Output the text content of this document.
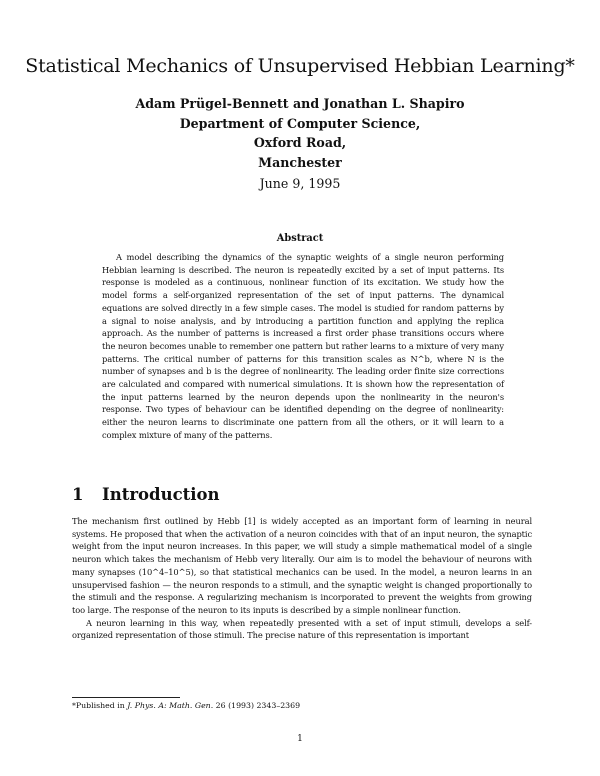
Statistical Mechanics of Unsupervised Hebbian Learning*
Adam Prügel-Bennett and Jonathan L. Shapiro
Department of Computer Science,
Oxford Road,
Manchester
June 9, 1995
Abstract
A model describing the dynamics of the synaptic weights of a single neuron performing Hebbian learning is described. The neuron is repeatedly excited by a set of input patterns. Its response is modeled as a continuous, nonlinear function of its excitation. We study how the model forms a self-organized representation of the set of input patterns. The dynamical equations are solved directly in a few simple cases. The model is studied for random patterns by a signal to noise analysis, and by introducing a partition function and applying the replica approach. As the number of patterns is increased a first order phase transitions occurs where the neuron becomes unable to remember one pattern but rather learns to a mixture of very many patterns. The critical number of patterns for this transition scales as N^b, where N is the number of synapses and b is the degree of nonlinearity. The leading order finite size corrections are calculated and compared with numerical simulations. It is shown how the representation of the input patterns learned by the neuron depends upon the nonlinearity in the neuron's response. Two types of behaviour can be identified depending on the degree of nonlinearity: either the neuron learns to discriminate one pattern from all the others, or it will learn to a complex mixture of many of the patterns.
1 Introduction

The mechanism first outlined by Hebb [1] is widely accepted as an important form of learning in neural systems. He proposed that when the activation of a neuron coincides with that of an input neuron, the synaptic weight from the input neuron increases. In this paper, we will study a simple mathematical model of a single neuron which takes the mechanism of Hebb very literally. Our aim is to model the behaviour of neurons with many synapses (10^4–10^5), so that statistical mechanics can be used. In the model, a neuron learns in an unsupervised fashion — the neuron responds to a stimuli, and the synaptic weight is changed proportionally to the stimuli and the response. A regularizing mechanism is incorporated to prevent the weights from growing too large. The response of the neuron to its inputs is described by a simple nonlinear function.

A neuron learning in this way, when repeatedly presented with a set of input stimuli, develops a self-organized representation of those stimuli. The precise nature of this representation is important

*Published in J. Phys. A: Math. Gen. 26 (1993) 2343–2369
1
